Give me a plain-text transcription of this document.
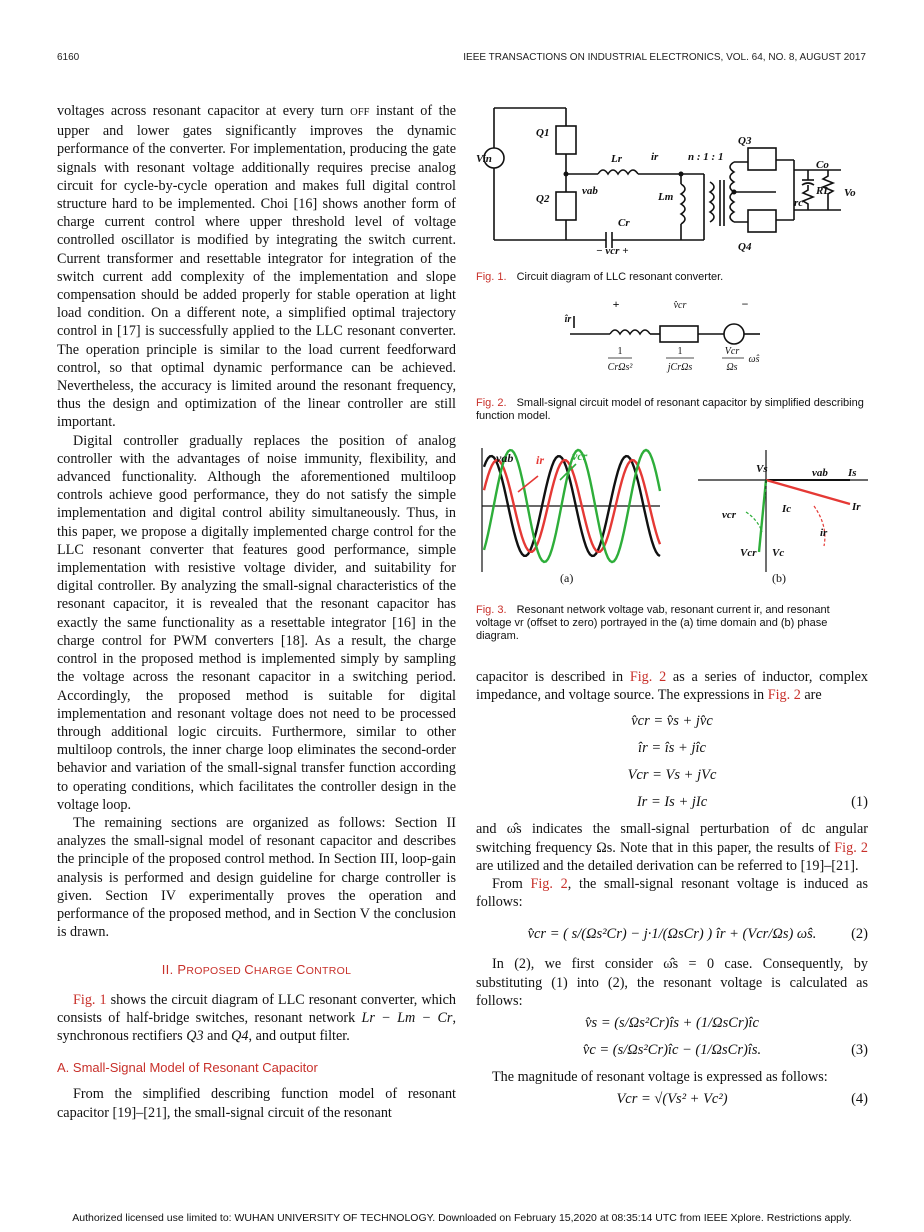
6160	IEEE TRANSACTIONS ON INDUSTRIAL ELECTRONICS, VOL. 64, NO. 8, AUGUST 2017

voltages across resonant capacitor at every turn OFF instant of the upper and lower gates significantly improves the dynamic performance of the converter. For implementation, producing the gate signals with resonant voltage additionally requires precise analog circuit for cycle-by-cycle operation and makes full digital control structure hard to be implemented. Choi [16] shows another form of charge current control where upper threshold level of voltage controlled oscillator is modified by integrating the switch current. Current transformer and resettable integrator for integration of the switch current add complexity of the implementation and slope compensation should be added properly for stable operation at light load condition. On a different note, a simplified optimal trajectory control in [17] is successfully applied to the LLC resonant converter. The operation principle is similar to the load current feedforward control, so that optimal dynamic performance can be achieved. Nevertheless, the accuracy is limited around the resonant frequency, thus the design and optimization of the linear controller are still important.

Digital controller gradually replaces the position of analog controller with the advantages of noise immunity, flexibility, and advanced functionality. Although the aforementioned multiloop controls achieve good performance, they do not satisfy the simple implementation and digital control ability simultaneously. Thus, in this paper, we propose a digitally implemented charge control for the LLC resonant converter that features good performance, simple implementation with resistive voltage divider, and suitability for digital controller. By analyzing the small-signal characteristics of the resonant capacitor, it is revealed that the resonant capacitor has exactly the same functionality as a resettable integrator [16] in the charge control for PWM converters [18]. As a result, the charge control in the proposed method is implemented simply by sampling the voltage across the resonant capacitor in a switching period. Accordingly, the proposed method is suitable for digital implementation and resonant voltage does not need to be processed through additional logic circuits. Furthermore, similar to other multiloop controls, the inner charge loop eliminates the second-order behavior and variation of the small-signal transfer function according to operating conditions, which facilitates the controller design in the voltage loop.

The remaining sections are organized as follows: Section II analyzes the small-signal model of resonant capacitor and describes the principle of the proposed control method. In Section III, loop-gain analysis is performed and design guideline for charge controller is given. Section IV experimentally proves the operation and performance of the proposed method, and in Section V the conclusion is drawn.

II. PROPOSED CHARGE CONTROL

Fig. 1 shows the circuit diagram of LLC resonant converter, which consists of half-bridge switches, resonant network Lr − Lm − Cr, synchronous rectifiers Q3 and Q4, and output filter.

A. Small-Signal Model of Resonant Capacitor

From the simplified describing function model of resonant capacitor [19]–[21], the small-signal circuit of the resonant

Vin
Q1
Q2
Lr	ir
Lm
Cr
vab
n : 1 : 1
Q3
Q4
Co
RL
rc
Vo
− vcr +
Fig. 1. Circuit diagram of LLC resonant converter.
+	−
îr
v̂cr
1
CrΩs²
1
jCrΩs
Vcr
Ωs
ω̂s
Fig. 2. Small-signal circuit model of resonant capacitor by simplified describing function model.
vab ir vcr
(a)
Vs	vab Is
Ic	Ir
vcr
ir
Vcr Vc
(b)
Fig. 3. Resonant network voltage vab, resonant current ir, and resonant voltage vr (offset to zero) portrayed in the (a) time domain and (b) phase diagram.

capacitor is described in Fig. 2 as a series of inductor, complex impedance, and voltage source. The expressions in Fig. 2 are

v̂cr = v̂s + jv̂c
îr = îs + jîc
Vcr = Vs + jVc
Ir = Is + jIc	(1)

and ω̂s indicates the small-signal perturbation of dc angular switching frequency Ωs. Note that in this paper, the results of Fig. 2 are utilized and the detailed derivation can be referred to [19]–[21].

From Fig. 2, the small-signal resonant voltage is induced as follows:

v̂cr = ( s/(Ωs²Cr) − j·1/(ΩsCr) ) îr + (Vcr/Ωs) ω̂s.	(2)

In (2), we first consider ω̂s = 0 case. Consequently, by substituting (1) into (2), the resonant voltage is calculated as follows:

v̂s = (s/Ωs²Cr)îs + (1/ΩsCr)îc
v̂c = (s/Ωs²Cr)îc − (1/ΩsCr)îs.	(3)

The magnitude of resonant voltage is expressed as follows:

Vcr = √(Vs² + Vc²)	(4)
Authorized licensed use limited to: WUHAN UNIVERSITY OF TECHNOLOGY. Downloaded on February 15,2020 at 08:35:14 UTC from IEEE Xplore. Restrictions apply.
